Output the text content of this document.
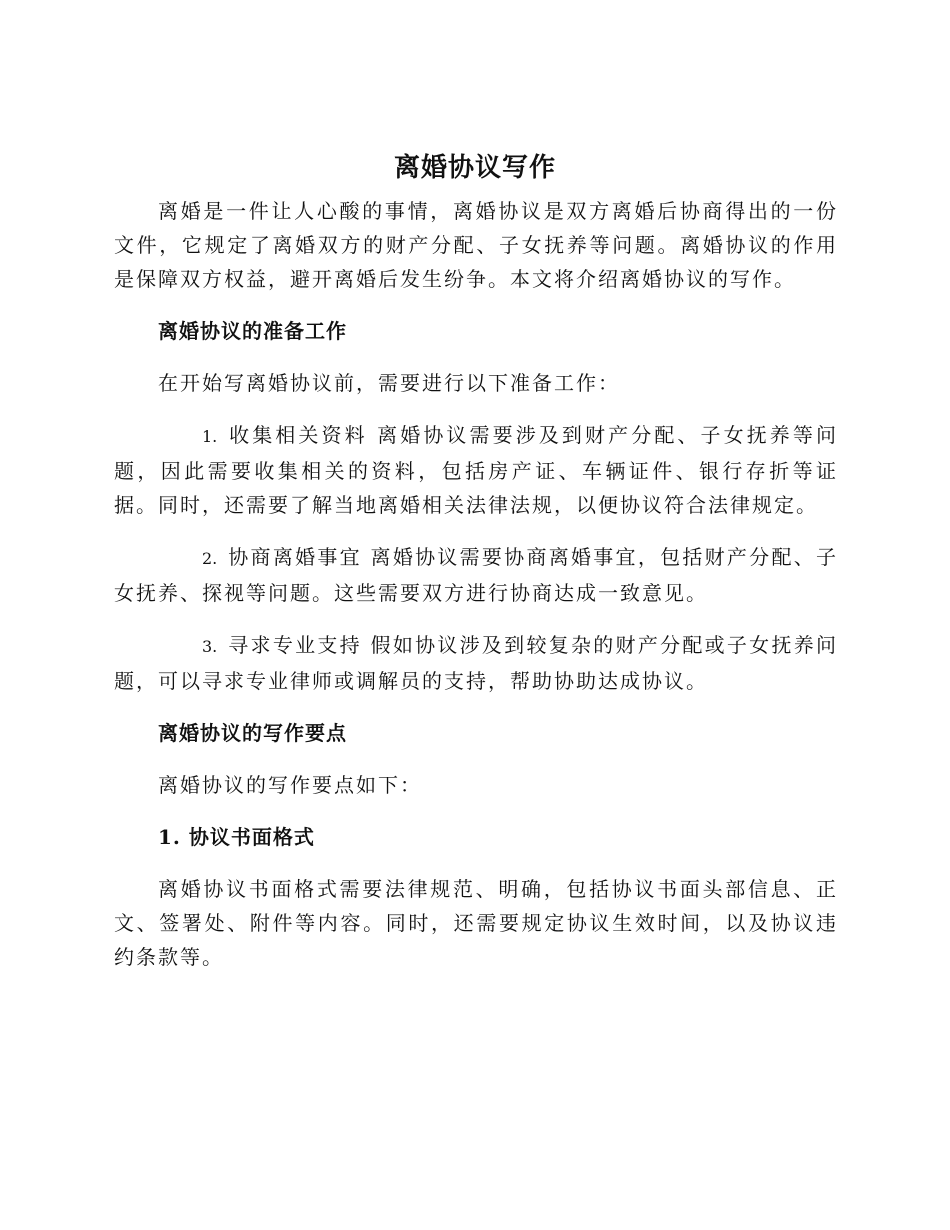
离婚协议写作

离婚是一件让人心酸的事情，离婚协议是双方离婚后协商得出的一份文件，它规定了离婚双方的财产分配、子女抚养等问题。离婚协议的作用是保障双方权益，避开离婚后发生纷争。本文将介绍离婚协议的写作。

离婚协议的准备工作

在开始写离婚协议前，需要进行以下准备工作：

1. 收集相关资料 离婚协议需要涉及到财产分配、子女抚养等问题，因此需要收集相关的资料，包括房产证、车辆证件、银行存折等证据。同时，还需要了解当地离婚相关法律法规，以便协议符合法律规定。

2. 协商离婚事宜 离婚协议需要协商离婚事宜，包括财产分配、子女抚养、探视等问题。这些需要双方进行协商达成一致意见。

3. 寻求专业支持 假如协议涉及到较复杂的财产分配或子女抚养问题，可以寻求专业律师或调解员的支持，帮助协助达成协议。

离婚协议的写作要点

离婚协议的写作要点如下：

1. 协议书面格式

离婚协议书面格式需要法律规范、明确，包括协议书面头部信息、正文、签署处、附件等内容。同时，还需要规定协议生效时间，以及协议违约条款等。
